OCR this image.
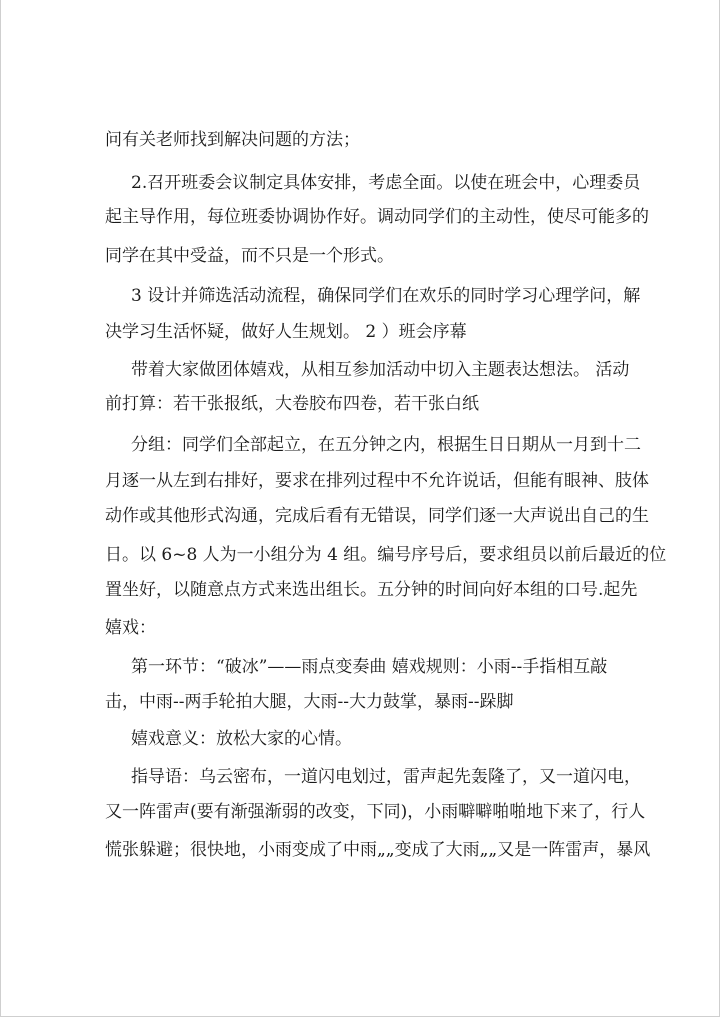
问有关老师找到解决问题的方法；
2.召开班委会议制定具体安排，考虑全面。以使在班会中，心理委员
起主导作用，每位班委协调协作好。调动同学们的主动性，使尽可能多的
同学在其中受益，而不只是一个形式。
3 设计并筛选活动流程，确保同学们在欢乐的同时学习心理学问，解
决学习生活怀疑，做好人生规划。 2 ）班会序幕
带着大家做团体嬉戏，从相互参加活动中切入主题表达想法。 活动
前打算：若干张报纸，大卷胶布四卷，若干张白纸
分组：同学们全部起立，在五分钟之内，根据生日日期从一月到十二
月逐一从左到右排好，要求在排列过程中不允许说话，但能有眼神、肢体
动作或其他形式沟通，完成后看有无错误，同学们逐一大声说出自己的生
日。以 6~8 人为一小组分为 4 组。编号序号后，要求组员以前后最近的位
置坐好，以随意点方式来选出组长。五分钟的时间向好本组的口号.起先
嬉戏：
第一环节：“破冰”——雨点变奏曲 嬉戏规则：小雨--手指相互敲
击，中雨--两手轮拍大腿，大雨--大力鼓掌，暴雨--跺脚
嬉戏意义：放松大家的心情。
指导语：乌云密布，一道闪电划过，雷声起先轰隆了，又一道闪电，
又一阵雷声(要有渐强渐弱的改变，下同)，小雨噼噼啪啪地下来了，行人
慌张躲避；很快地，小雨变成了中雨„„变成了大雨„„又是一阵雷声，暴风
